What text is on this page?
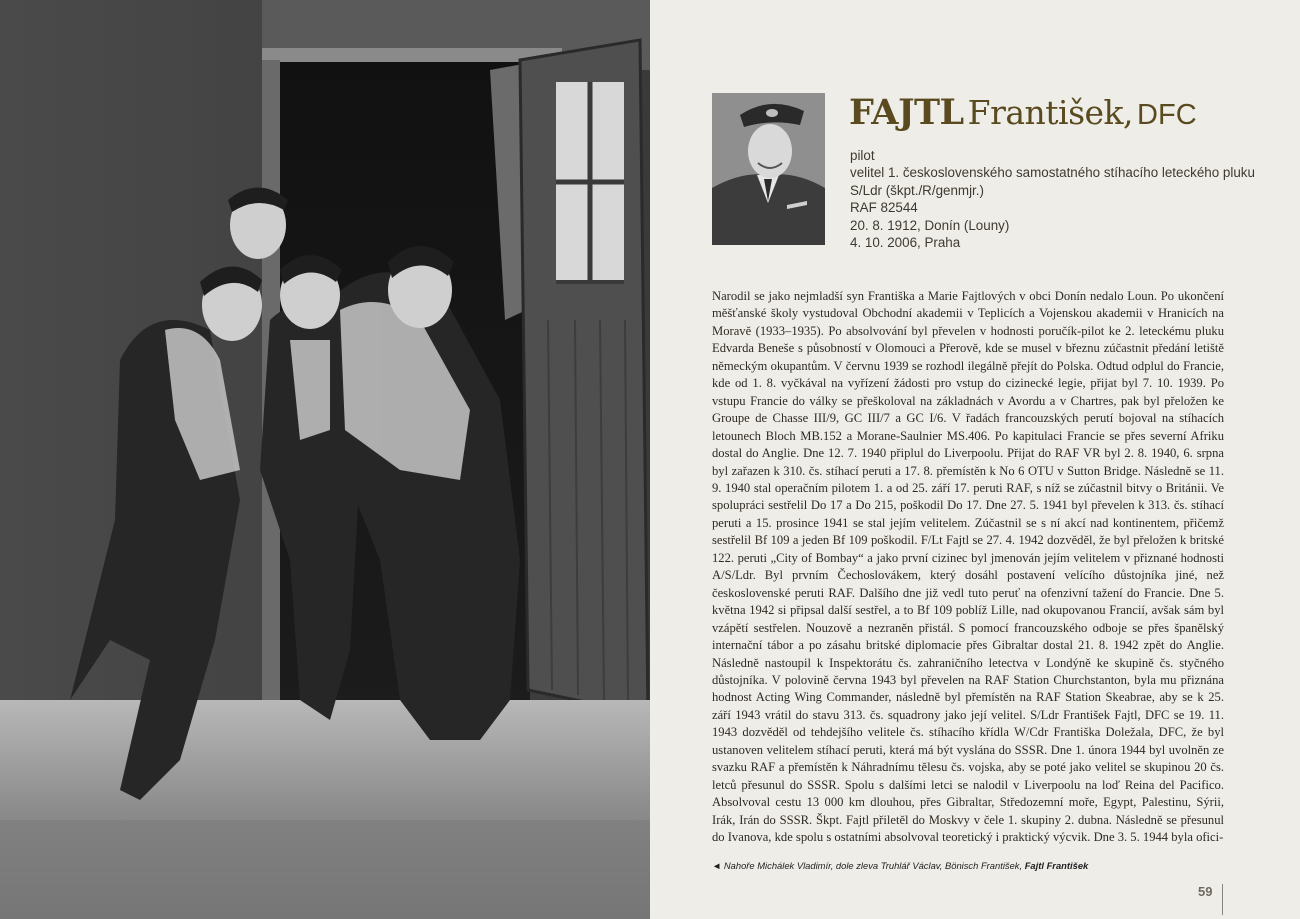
FAJTL František, DFC
pilot
velitel 1. československého samostatného stíhacího leteckého pluku
S/Ldr (škpt./R/genmjr.)
RAF 82544
20. 8. 1912, Donín (Louny)
4. 10. 2006, Praha
Narodil se jako nejmladší syn Františka a Marie Fajtlových v obci Donín nedalo Loun. Po ukončení měšťanské školy vystudoval Obchodní akademii v Teplicích a Vojenskou akademii v Hranicích na Moravě (1933–1935). Po absolvování byl převelen v hodnosti poručík-pilot ke 2. leteckému pluku Edvarda Beneše s působností v Olomouci a Přerově, kde se musel v březnu zúčastnit předání letiště německým okupantům. V červnu 1939 se rozhodl ilegálně přejít do Polska. Odtud odplul do Francie, kde od 1. 8. vyčkával na vyřízení žádosti pro vstup do cizinecké legie, přijat byl 7. 10. 1939. Po vstupu Francie do války se přeškoloval na základnách v Avordu a v Chartres, pak byl přeložen ke Groupe de Chasse III/9, GC III/7 a GC I/6. V řadách francouzských perutí bojoval na stíhacích letounech Bloch MB.152 a Morane-Saulnier MS.406. Po kapitulaci Francie se přes severní Afriku dostal do Anglie. Dne 12. 7. 1940 připlul do Liverpoolu. Přijat do RAF VR byl 2. 8. 1940, 6. srpna byl zařazen k 310. čs. stíhací peruti a 17. 8. přemístěn k No 6 OTU v Sutton Bridge. Následně se 11. 9. 1940 stal operačním pilotem 1. a od 25. září 17. peruti RAF, s níž se zúčastnil bitvy o Británii. Ve spolupráci sestřelil Do 17 a Do 215, poškodil Do 17. Dne 27. 5. 1941 byl převelen k 313. čs. stíhací peruti a 15. prosince 1941 se stal jejím velitelem. Zúčastnil se s ní akcí nad kontinentem, přičemž sestřelil Bf 109 a jeden Bf 109 poškodil. F/Lt Fajtl se 27. 4. 1942 dozvěděl, že byl přeložen k britské 122. peruti „City of Bombay“ a jako první cizinec byl jmenován jejím velitelem v přiznané hodnosti A/S/Ldr. Byl prvním Čechoslovákem, který dosáhl postavení velícího důstojníka jiné, než československé peruti RAF. Dalšího dne již vedl tuto peruť na ofenzivní tažení do Francie. Dne 5. května 1942 si připsal další sestřel, a to Bf 109 poblíž Lille, nad okupovanou Francií, avšak sám byl vzápětí sestřelen. Nouzově a nezraněn přistál. S pomocí francouzského odboje se přes španělský internační tábor a po zásahu britské diplomacie přes Gibraltar dostal 21. 8. 1942 zpět do Anglie. Následně nastoupil k Inspektorátu čs. zahraničního letectva v Londýně ke skupině čs. styčného důstojníka. V polovině června 1943 byl převelen na RAF Station Churchstanton, byla mu přiznána hodnost Acting Wing Commander, následně byl přemístěn na RAF Station Skeabrae, aby se k 25. září 1943 vrátil do stavu 313. čs. squadrony jako její velitel. S/Ldr František Fajtl, DFC se 19. 11. 1943 dozvěděl od tehdejšího velitele čs. stíhacího křídla W/Cdr Františka Doležala, DFC, že byl ustanoven velitelem stíhací peruti, která má být vyslána do SSSR. Dne 1. února 1944 byl uvolněn ze svazku RAF a přemístěn k Náhradnímu tělesu čs. vojska, aby se poté jako velitel se skupinou 20 čs. letců přesunul do SSSR. Spolu s dalšími letci se nalodil v Liverpoolu na loď Reina del Pacifico. Absolvoval cestu 13 000 km dlouhou, přes Gibraltar, Středozemní moře, Egypt, Palestinu, Sýrii, Irák, Irán do SSSR. Škpt. Fajtl přiletěl do Moskvy v čele 1. skupiny 2. dubna. Následně se přesunul do Ivanova, kde spolu s ostatními absolvoval teoretický i praktický výcvik. Dne 3. 5. 1944 byla ofici-
◄ Nahoře Michálek Vladimír, dole zleva Truhlář Václav, Bönisch František, Fajtl František
59
